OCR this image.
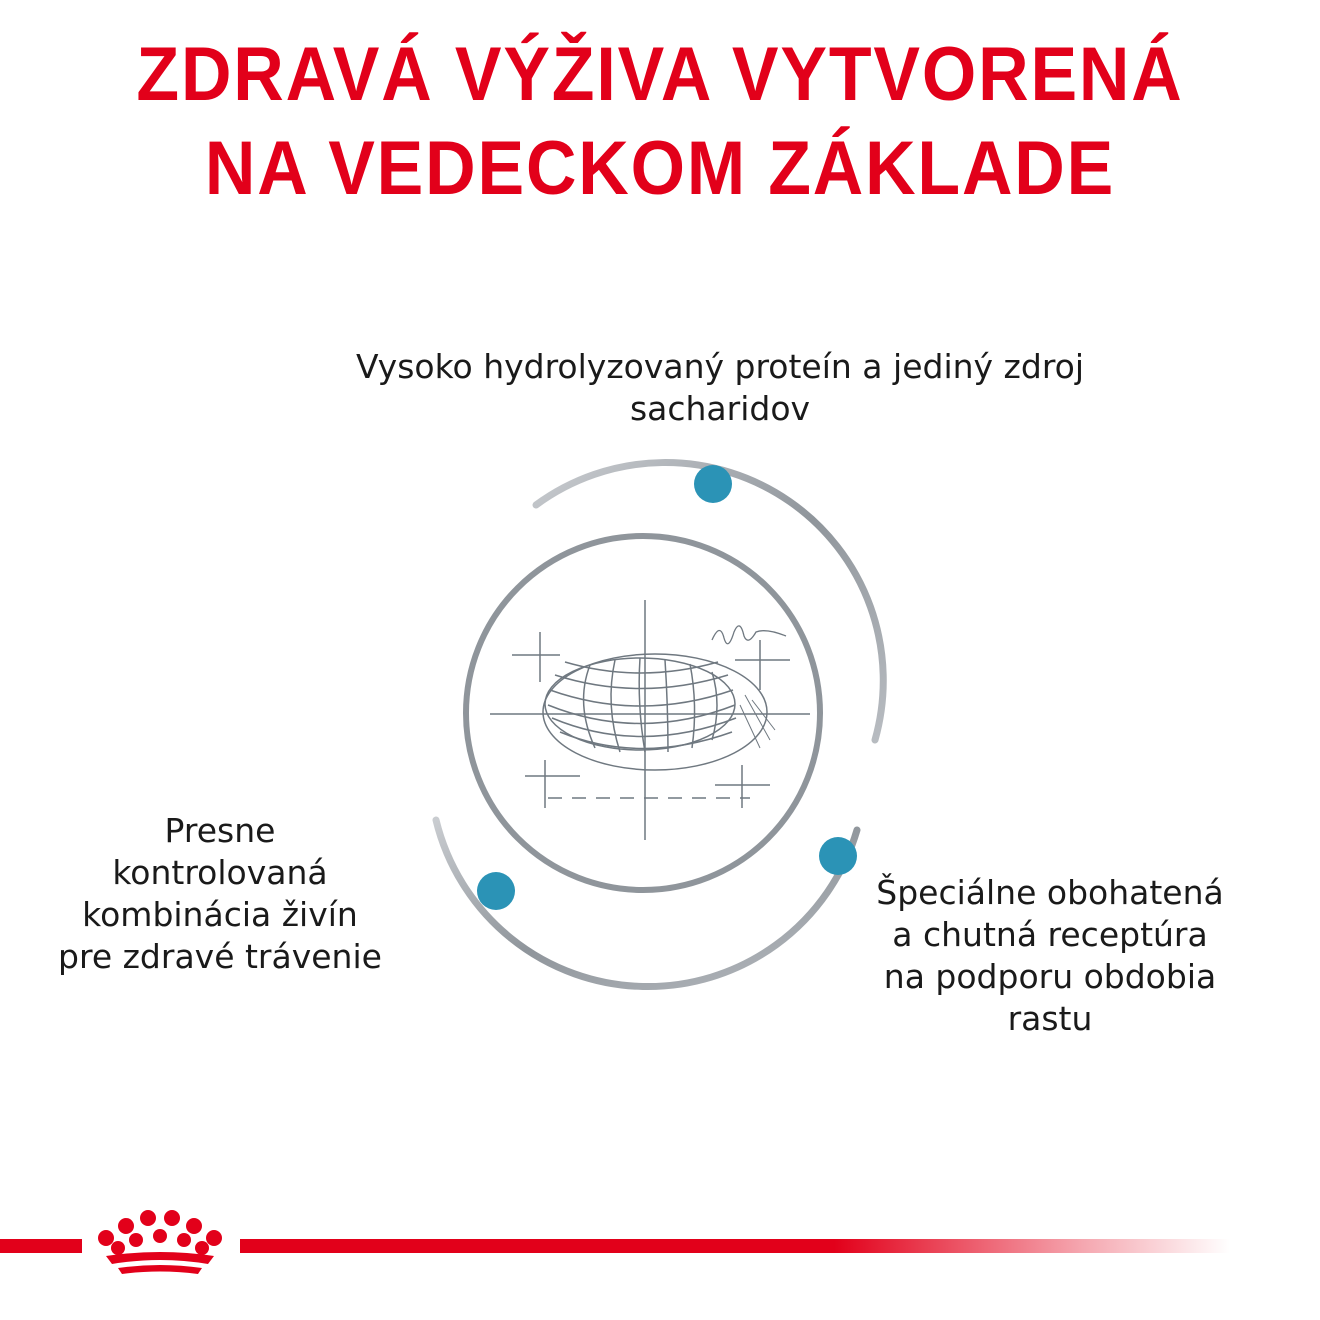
ZDRAVÁ VÝŽIVA VYTVORENÁ
NA VEDECKOM ZÁKLADE
Vysoko hydrolyzovaný proteín a jediný zdroj
sacharidov
Presne
kontrolovaná
kombinácia živín
pre zdravé trávenie
Špeciálne obohatená
a chutná receptúra
na podporu obdobia
rastu
